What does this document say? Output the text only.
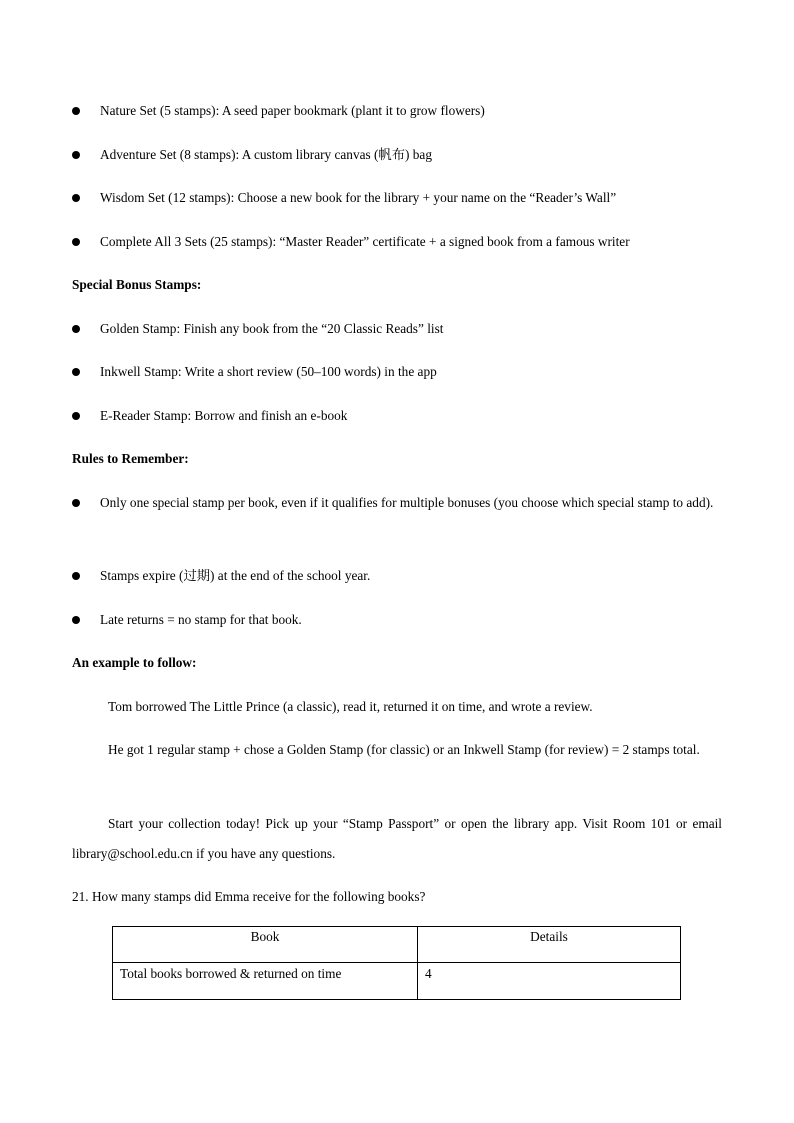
Nature Set (5 stamps): A seed paper bookmark (plant it to grow flowers)
Adventure Set (8 stamps): A custom library canvas (帆布) bag
Wisdom Set (12 stamps): Choose a new book for the library + your name on the “Reader’s Wall”
Complete All 3 Sets (25 stamps): “Master Reader” certificate + a signed book from a famous writer
Special Bonus Stamps:
Golden Stamp: Finish any book from the “20 Classic Reads” list
Inkwell Stamp: Write a short review (50–100 words) in the app
E-Reader Stamp: Borrow and finish an e-book
Rules to Remember:
Only one special stamp per book, even if it qualifies for multiple bonuses (you choose which special stamp to add).
Stamps expire (过期) at the end of the school year.
Late returns = no stamp for that book.
An example to follow:
Tom borrowed The Little Prince (a classic), read it, returned it on time, and wrote a review.
He got 1 regular stamp + chose a Golden Stamp (for classic) or an Inkwell Stamp (for review) = 2 stamps total.
Start your collection today! Pick up your “Stamp Passport” or open the library app. Visit Room 101 or email library@school.edu.cn if you have any questions.
21. How many stamps did Emma receive for the following books?
Book	Details
Total books borrowed & returned on time	4
